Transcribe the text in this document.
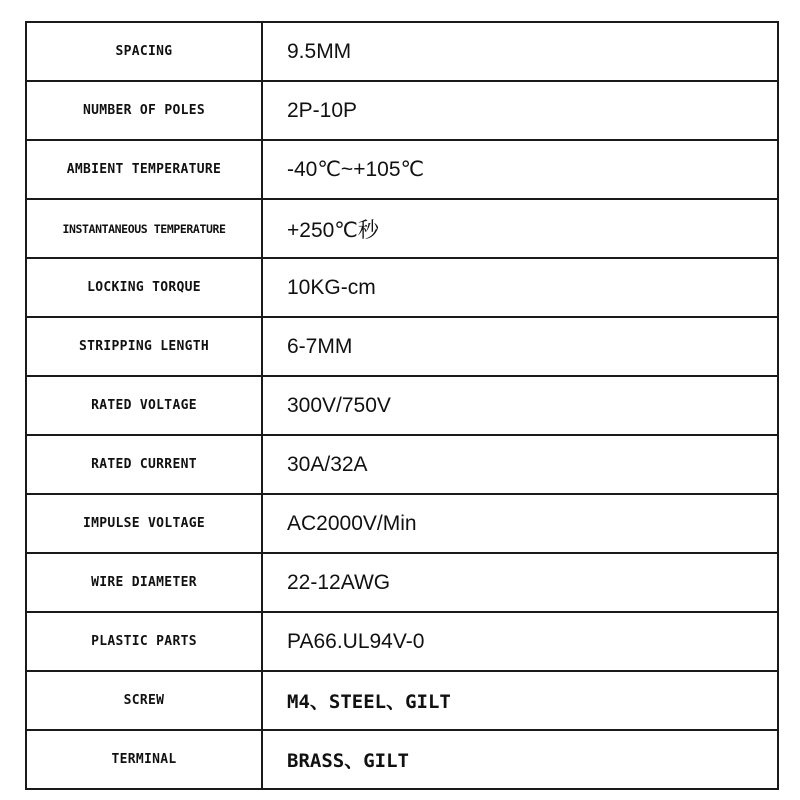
SPACING	9.5MM
NUMBER OF POLES	2P-10P
AMBIENT TEMPERATURE	-40℃~+105℃
INSTANTANEOUS TEMPERATURE	+250℃秒
LOCKING TORQUE	10KG-cm
STRIPPING LENGTH	6-7MM
RATED VOLTAGE	300V/750V
RATED CURRENT	30A/32A
IMPULSE VOLTAGE	AC2000V/Min
WIRE DIAMETER	22-12AWG
PLASTIC PARTS	PA66.UL94V-0
SCREW	M4、STEEL、GILT
TERMINAL	BRASS、GILT
